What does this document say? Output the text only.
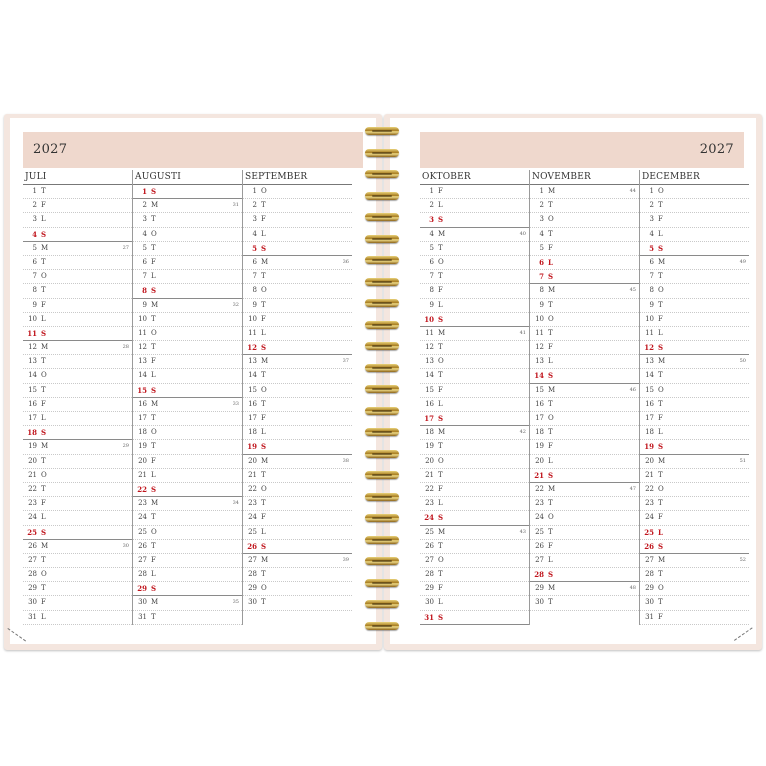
2027
JULI
1 T
2 F
3 L
4 S
5 M	27
6 T
7 O
8 T
9 F
10 L
11 S
12 M	28
13 T
14 O
15 T
16 F
17 L
18 S
19 M	29
20 T
21 O
22 T
23 F
24 L
25 S
26 M	30
27 T
28 O
29 T
30 F
31 L
AUGUSTI
1 S
2 M	31
3 T
4 O
5 T
6 F
7 L
8 S
9 M	32
10 T
11 O
12 T
13 F
14 L
15 S
16 M	33
17 T
18 O
19 T
20 F
21 L
22 S
23 M	34
24 T
25 O
26 T
27 F
28 L
29 S
30 M	35
31 T
SEPTEMBER
1 O
2 T
3 F
4 L
5 S
6 M	36
7 T
8 O
9 T
10 F
11 L
12 S
13 M	37
14 T
15 O
16 T
17 F
18 L
19 S
20 M	38
21 T
22 O
23 T
24 F
25 L
26 S
27 M	39
28 T
29 O
30 T
2027
OKTOBER
1 F
2 L
3 S
4 M	40
5 T
6 O
7 T
8 F
9 L
10 S
11 M	41
12 T
13 O
14 T
15 F
16 L
17 S
18 M	42
19 T
20 O
21 T
22 F
23 L
24 S
25 M	43
26 T
27 O
28 T
29 F
30 L
31 S
NOVEMBER
1 M	44
2 T
3 O
4 T
5 F
6 L
7 S
8 M	45
9 T
10 O
11 T
12 F
13 L
14 S
15 M	46
16 T
17 O
18 T
19 F
20 L
21 S
22 M	47
23 T
24 O
25 T
26 F
27 L
28 S
29 M	48
30 T
DECEMBER
1 O
2 T
3 F
4 L
5 S
6 M	49
7 T
8 O
9 T
10 F
11 L
12 S
13 M	50
14 T
15 O
16 T
17 F
18 L
19 S
20 M	51
21 T
22 O
23 T
24 F
25 L
26 S
27 M	52
28 T
29 O
30 T
31 F
